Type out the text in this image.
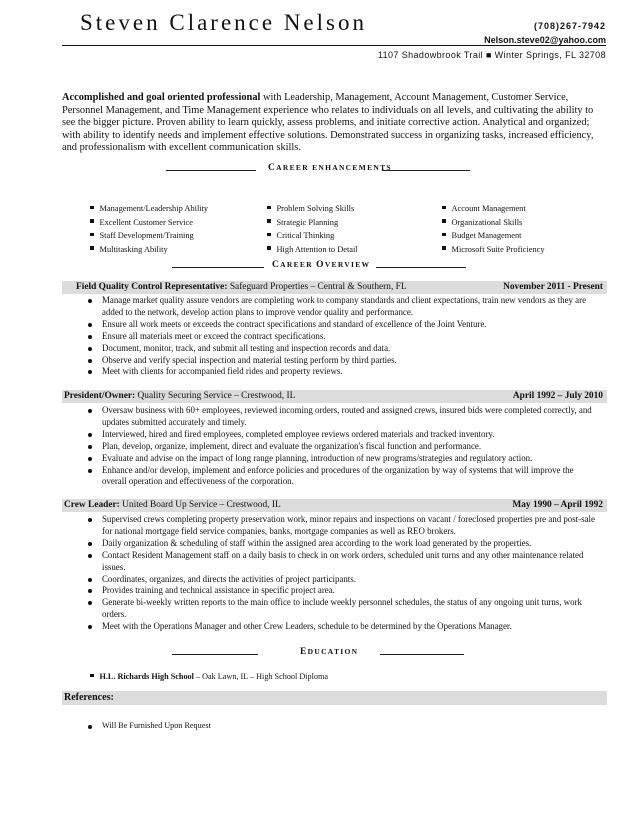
Steven Clarence Nelson	(708)267-7942
Nelson.steve02@yahoo.com
1107 Shadowbrook Trail ■ Winter Springs, FL 32708
Accomplished and goal oriented professional with Leadership, Management, Account Management, Customer Service, Personnel Management, and Time Management experience who relates to individuals on all levels, and cultivating the ability to see the bigger picture. Proven ability to learn quickly, assess problems, and initiate corrective action. Analytical and organized; with ability to identify needs and implement effective solutions. Demonstrated success in organizing tasks, increased efficiency, and professionalism with excellent communication skills.
CAREER ENHANCEMENTS
Management/Leadership Ability
Excellent Customer Service
Staff Development/Training
Multitasking Ability
Problem Solving Skills
Strategic Planning
Critical Thinking
High Attention to Detail
Account Management
Organizational Skills
Budget Management
Microsoft Suite Proficiency
CAREER OVERVIEW
Field Quality Control Representative: Safeguard Properties – Central & Southern, FL	November 2011 - Present
Manage market quality assure vendors are completing work to company standards and client expectations, train new vendors as they are added to the network, develop action plans to improve vendor quality and performance.
Ensure all work meets or exceeds the contract specifications and standard of excellence of the Joint Venture.
Ensure all materials meet or exceed the contract specifications.
Document, monitor, track, and submit all testing and inspection records and data.
Observe and verify special inspection and material testing perform by third parties.
Meet with clients for accompanied field rides and property reviews.
President/Owner: Quality Securing Service – Crestwood, IL	April 1992 – July 2010
Oversaw business with 60+ employees, reviewed incoming orders, routed and assigned crews, insured bids were completed correctly, and updates submitted accurately and timely.
Interviewed, hired and fired employees, completed employee reviews ordered materials and tracked inventory.
Plan, develop, organize, implement, direct and evaluate the organization's fiscal function and performance.
Evaluate and advise on the impact of long range planning, introduction of new programs/strategies and regulatory action.
Enhance and/or develop, implement and enforce policies and procedures of the organization by way of systems that will improve the overall operation and effectiveness of the corporation.
Crew Leader: United Board Up Service – Crestwood, IL	May 1990 – April 1992
Supervised crews completing property preservation work, minor repairs and inspections on vacant / foreclosed properties pre and post-sale for national mortgage field service companies, banks, mortgage companies as well as REO brokers.
Daily organization & scheduling of staff within the assigned area according to the work load generated by the properties.
Contact Resident Management staff on a daily basis to check in on work orders, scheduled unit turns and any other maintenance related issues.
Coordinates, organizes, and directs the activities of project participants.
Provides training and technical assistance in specific project area.
Generate bi-weekly written reports to the main office to include weekly personnel schedules, the status of any ongoing unit turns, work orders.
Meet with the Operations Manager and other Crew Leaders, schedule to be determined by the Operations Manager.
EDUCATION
H.L. Richards High School – Oak Lawn, IL – High School Diploma
References:
Will Be Furnished Upon Request
